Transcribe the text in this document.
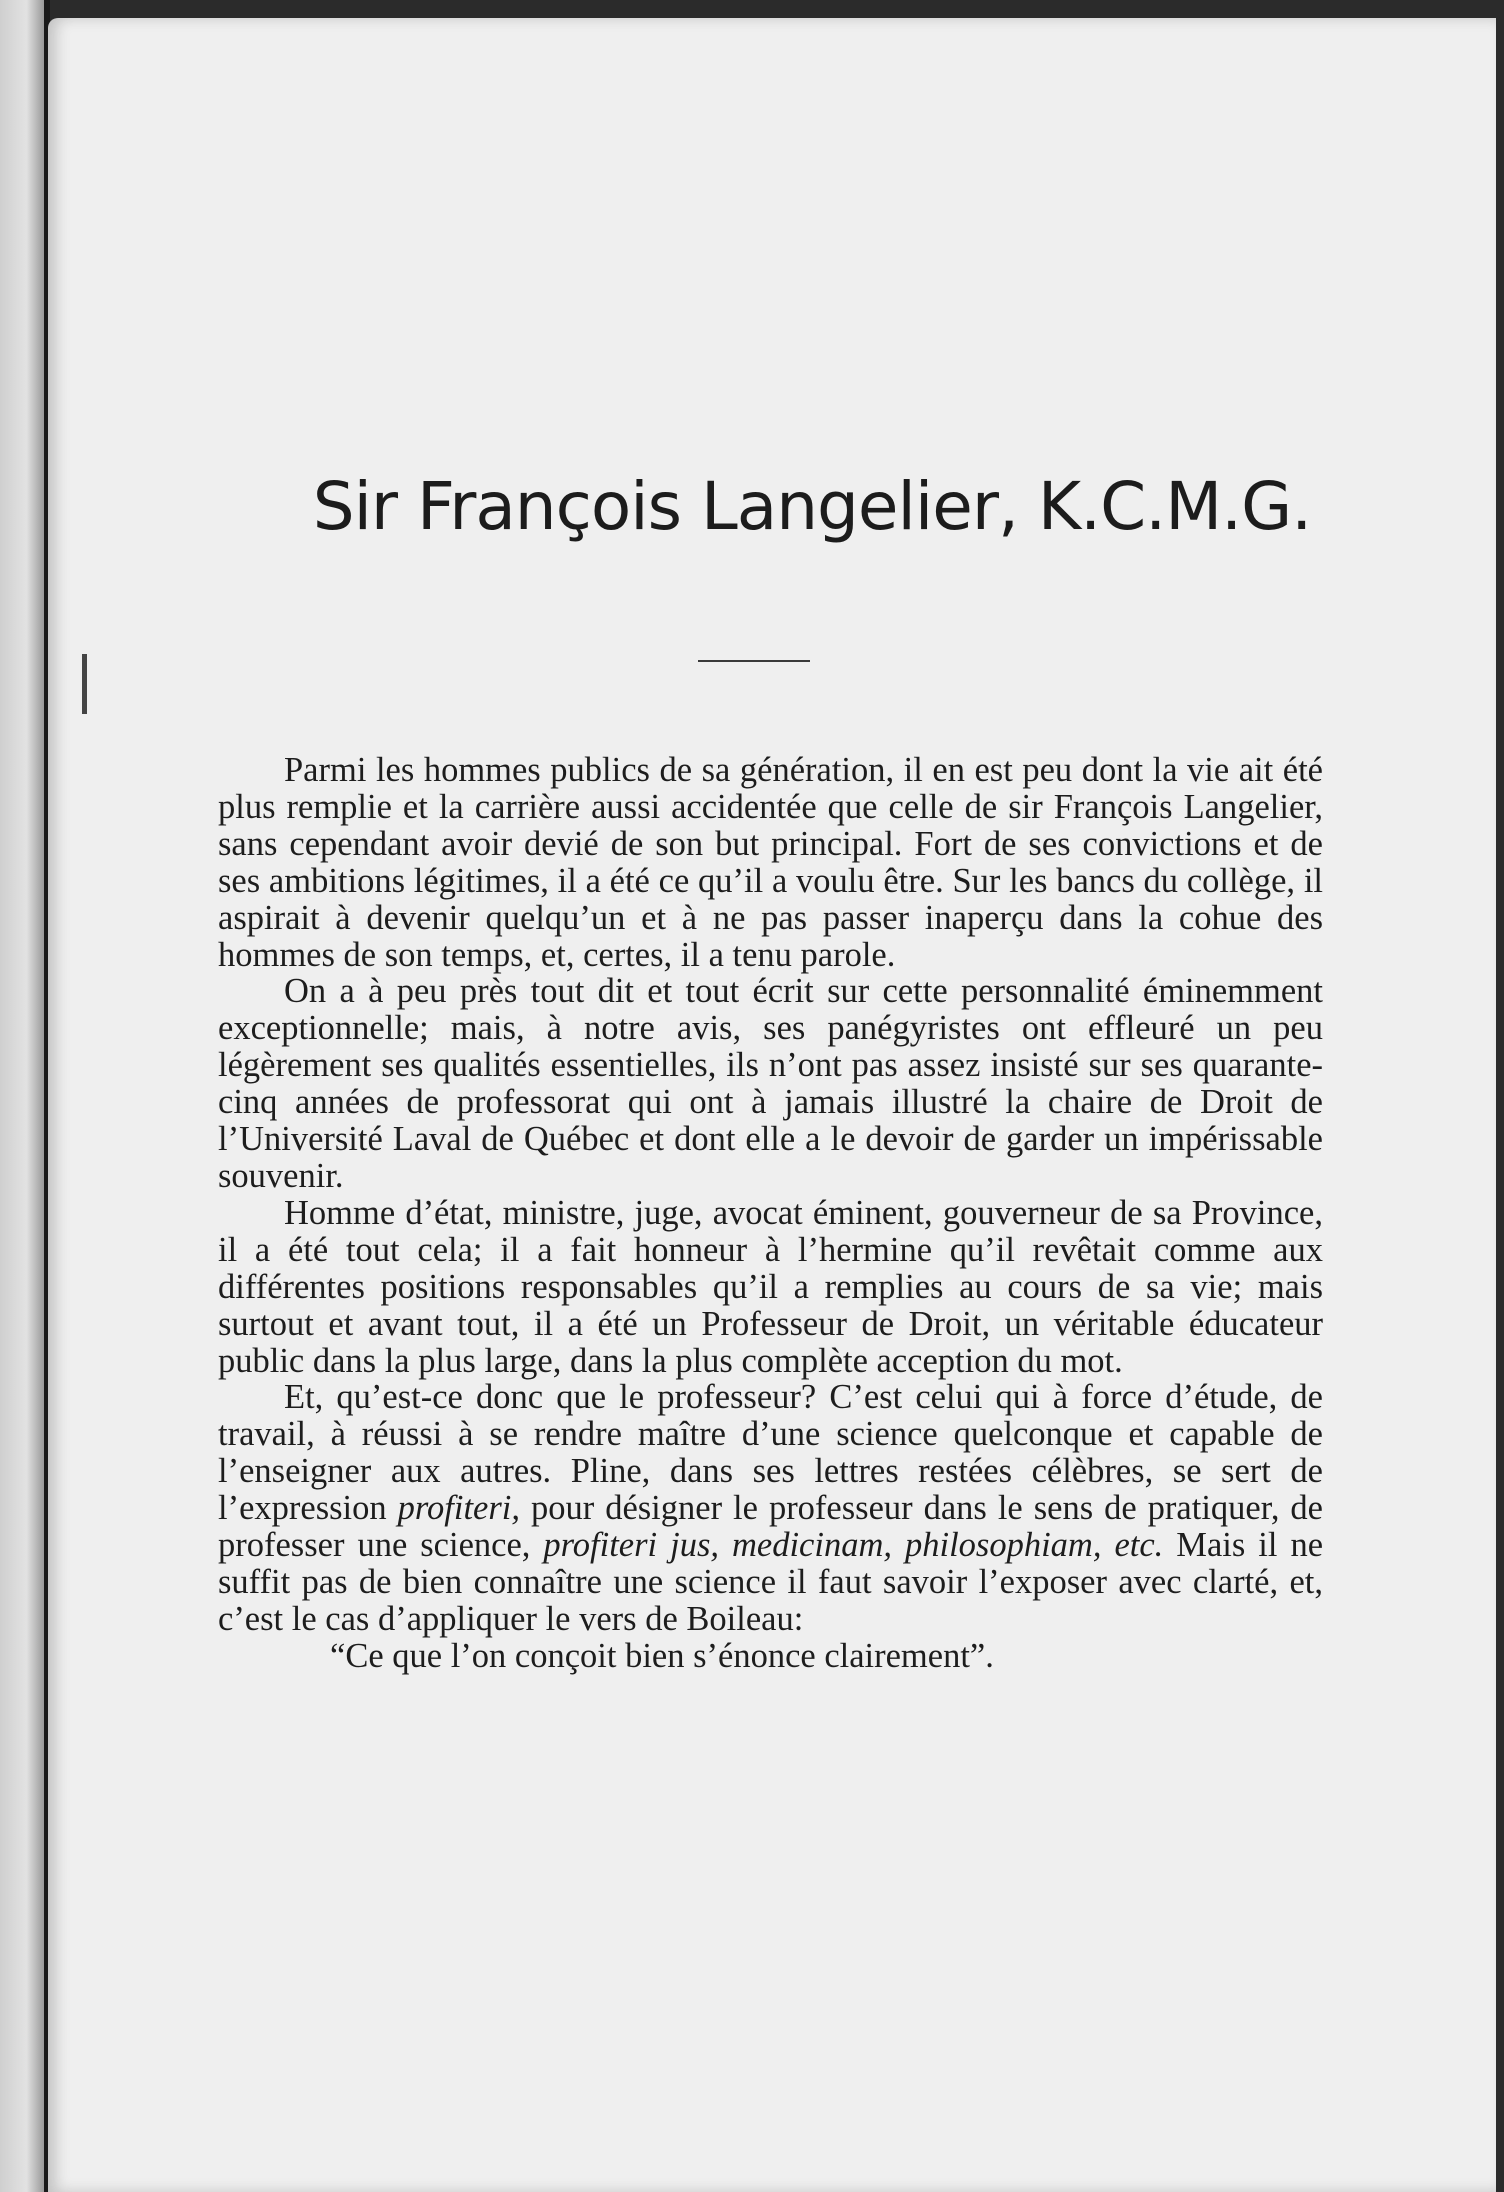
Sir François Langelier, K.C.M.G.

Parmi les hommes publics de sa génération, il en est peu dont la vie ait été plus remplie et la carrière aussi accidentée que celle de sir François Langelier, sans cependant avoir devié de son but principal. Fort de ses convictions et de ses ambitions légitimes, il a été ce qu’il a voulu être. Sur les bancs du collège, il aspirait à devenir quelqu’un et à ne pas passer inaperçu dans la cohue des hommes de son temps, et, certes, il a tenu parole.

On a à peu près tout dit et tout écrit sur cette personnalité éminemment exceptionnelle; mais, à notre avis, ses panégyristes ont effleuré un peu légèrement ses qualités essentielles, ils n’ont pas assez insisté sur ses quarante-cinq années de professorat qui ont à jamais illustré la chaire de Droit de l’Université Laval de Québec et dont elle a le devoir de garder un impérissable souvenir.

Homme d’état, ministre, juge, avocat éminent, gouverneur de sa Province, il a été tout cela; il a fait honneur à l’hermine qu’il revêtait comme aux différentes positions responsables qu’il a remplies au cours de sa vie; mais surtout et avant tout, il a été un Professeur de Droit, un véritable éducateur public dans la plus large, dans la plus complète acception du mot.

Et, qu’est-ce donc que le professeur? C’est celui qui à force d’étude, de travail, à réussi à se rendre maître d’une science quelconque et capable de l’enseigner aux autres. Pline, dans ses lettres restées célèbres, se sert de l’expression profiteri, pour désigner le professeur dans le sens de pratiquer, de professer une science, profiteri jus, medicinam, philosophiam, etc. Mais il ne suffit pas de bien connaître une science il faut savoir l’exposer avec clarté, et, c’est le cas d’appliquer le vers de Boileau:

“Ce que l’on conçoit bien s’énonce clairement”.
